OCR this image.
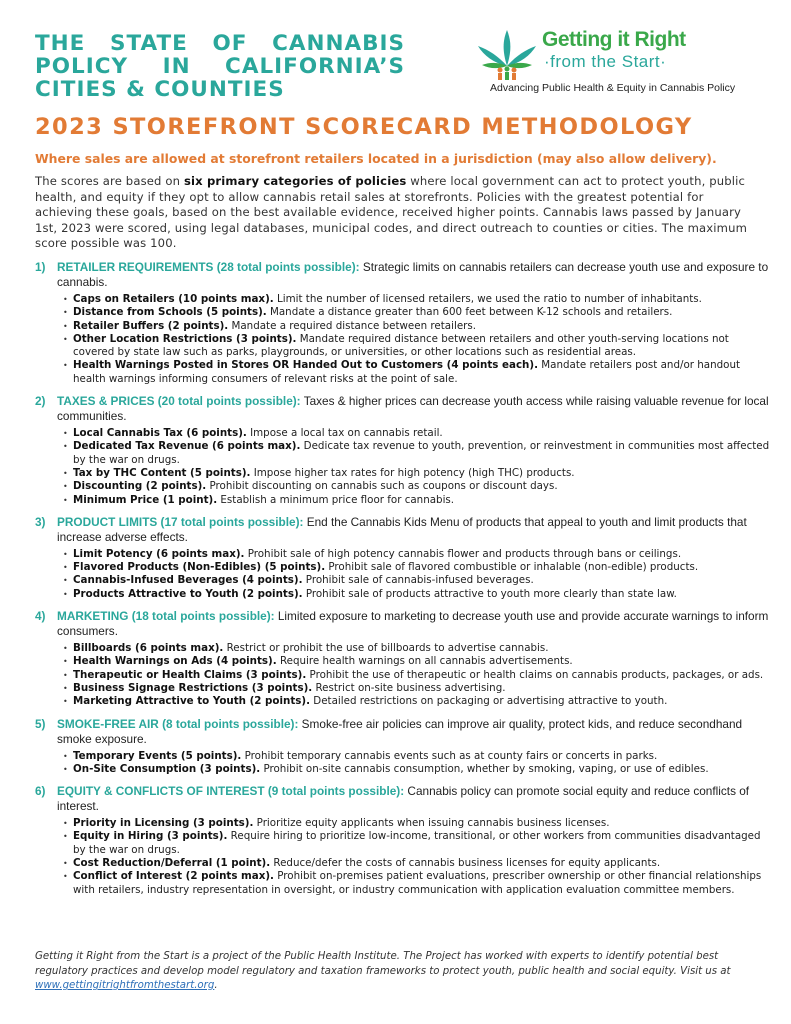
THE STATE OF CANNABIS
POLICY IN CALIFORNIA’S
CITIES & COUNTIES
Getting it Right
·from the Start·
Advancing Public Health & Equity in Cannabis Policy
2023 STOREFRONT SCORECARD METHODOLOGY
Where sales are allowed at storefront retailers located in a jurisdiction (may also allow delivery).

The scores are based on six primary categories of policies where local government can act to protect youth, public health, and equity if they opt to allow cannabis retail sales at storefronts. Policies with the greatest potential for achieving these goals, based on the best available evidence, received higher points. Cannabis laws passed by January 1st, 2023 were scored, using legal databases, municipal codes, and direct outreach to counties or cities. The maximum score possible was 100.

1) RETAILER REQUIREMENTS (28 total points possible): Strategic limits on cannabis retailers can decrease youth use and exposure to cannabis.
• Caps on Retailers (10 points max). Limit the number of licensed retailers, we used the ratio to number of inhabitants.
• Distance from Schools (5 points). Mandate a distance greater than 600 feet between K-12 schools and retailers.
• Retailer Buffers (2 points). Mandate a required distance between retailers.
• Other Location Restrictions (3 points). Mandate required distance between retailers and other youth-serving locations not covered by state law such as parks, playgrounds, or universities, or other locations such as residential areas.
• Health Warnings Posted in Stores OR Handed Out to Customers (4 points each). Mandate retailers post and/or handout health warnings informing consumers of relevant risks at the point of sale.
2) TAXES & PRICES (20 total points possible): Taxes & higher prices can decrease youth access while raising valuable revenue for local communities.
• Local Cannabis Tax (6 points). Impose a local tax on cannabis retail.
• Dedicated Tax Revenue (6 points max). Dedicate tax revenue to youth, prevention, or reinvestment in communities most affected by the war on drugs.
• Tax by THC Content (5 points). Impose higher tax rates for high potency (high THC) products.
• Discounting (2 points). Prohibit discounting on cannabis such as coupons or discount days.
• Minimum Price (1 point). Establish a minimum price floor for cannabis.
3) PRODUCT LIMITS (17 total points possible): End the Cannabis Kids Menu of products that appeal to youth and limit products that increase adverse effects.
• Limit Potency (6 points max). Prohibit sale of high potency cannabis flower and products through bans or ceilings.
• Flavored Products (Non-Edibles) (5 points). Prohibit sale of flavored combustible or inhalable (non-edible) products.
• Cannabis-Infused Beverages (4 points). Prohibit sale of cannabis-infused beverages.
• Products Attractive to Youth (2 points). Prohibit sale of products attractive to youth more clearly than state law.
4) MARKETING (18 total points possible): Limited exposure to marketing to decrease youth use and provide accurate warnings to inform consumers.
• Billboards (6 points max). Restrict or prohibit the use of billboards to advertise cannabis.
• Health Warnings on Ads (4 points). Require health warnings on all cannabis advertisements.
• Therapeutic or Health Claims (3 points). Prohibit the use of therapeutic or health claims on cannabis products, packages, or ads.
• Business Signage Restrictions (3 points). Restrict on-site business advertising.
• Marketing Attractive to Youth (2 points). Detailed restrictions on packaging or advertising attractive to youth.
5) SMOKE-FREE AIR (8 total points possible): Smoke-free air policies can improve air quality, protect kids, and reduce secondhand smoke exposure.
• Temporary Events (5 points). Prohibit temporary cannabis events such as at county fairs or concerts in parks.
• On-Site Consumption (3 points). Prohibit on-site cannabis consumption, whether by smoking, vaping, or use of edibles.
6) EQUITY & CONFLICTS OF INTEREST (9 total points possible): Cannabis policy can promote social equity and reduce conflicts of interest.
• Priority in Licensing (3 points). Prioritize equity applicants when issuing cannabis business licenses.
• Equity in Hiring (3 points). Require hiring to prioritize low-income, transitional, or other workers from communities disadvantaged by the war on drugs.
• Cost Reduction/Deferral (1 point). Reduce/defer the costs of cannabis business licenses for equity applicants.
• Conflict of Interest (2 points max). Prohibit on-premises patient evaluations, prescriber ownership or other financial relationships with retailers, industry representation in oversight, or industry communication with application evaluation committee members.

Getting it Right from the Start is a project of the Public Health Institute. The Project has worked with experts to identify potential best regulatory practices and develop model regulatory and taxation frameworks to protect youth, public health and social equity. Visit us at www.gettingitrightfromthestart.org.
